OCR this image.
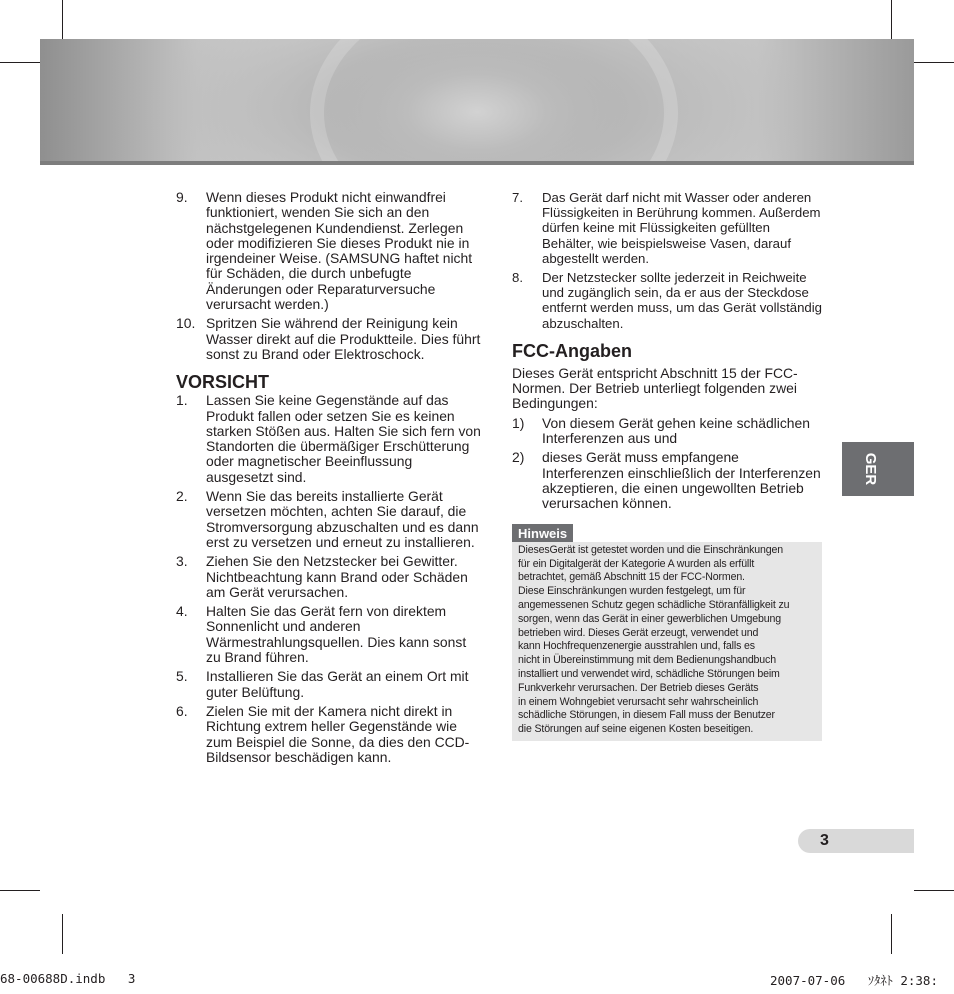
9. Wenn dieses Produkt nicht einwandfrei funktioniert, wenden Sie sich an den nächstgelegenen Kundendienst. Zerlegen oder modifizieren Sie dieses Produkt nie in irgendeiner Weise. (SAMSUNG haftet nicht für Schäden, die durch unbefugte Änderungen oder Reparaturversuche verursacht werden.)
10. Spritzen Sie während der Reinigung kein Wasser direkt auf die Produktteile. Dies führt sonst zu Brand oder Elektroschock.
VORSICHT
1. Lassen Sie keine Gegenstände auf das Produkt fallen oder setzen Sie es keinen starken Stößen aus. Halten Sie sich fern von Standorten die übermäßiger Erschütterung oder magnetischer Beeinflussung ausgesetzt sind.
2. Wenn Sie das bereits installierte Gerät versetzen möchten, achten Sie darauf, die Stromversorgung abzuschalten und es dann erst zu versetzen und erneut zu installieren.
3. Ziehen Sie den Netzstecker bei Gewitter. Nichtbeachtung kann Brand oder Schäden am Gerät verursachen.
4. Halten Sie das Gerät fern von direktem Sonnenlicht und anderen Wärmestrahlungsquellen. Dies kann sonst zu Brand führen.
5. Installieren Sie das Gerät an einem Ort mit guter Belüftung.
6. Zielen Sie mit der Kamera nicht direkt in Richtung extrem heller Gegenstände wie zum Beispiel die Sonne, da dies den CCD-Bildsensor beschädigen kann.
7. Das Gerät darf nicht mit Wasser oder anderen Flüssigkeiten in Berührung kommen. Außerdem dürfen keine mit Flüssigkeiten gefüllten Behälter, wie beispielsweise Vasen, darauf abgestellt werden.
8. Der Netzstecker sollte jederzeit in Reichweite und zugänglich sein, da er aus der Steckdose entfernt werden muss, um das Gerät vollständig abzuschalten.
FCC-Angaben

Dieses Gerät entspricht Abschnitt 15 der FCC-Normen. Der Betrieb unterliegt folgenden zwei Bedingungen:

1) Von diesem Gerät gehen keine schädlichen Interferenzen aus und
2) dieses Gerät muss empfangene Interferenzen einschließlich der Interferenzen akzeptieren, die einen ungewollten Betrieb verursachen können.
Hinweis
DiesesGerät ist getestet worden und die Einschränkungen
für ein Digitalgerät der Kategorie A wurden als erfüllt
betrachtet, gemäß Abschnitt 15 der FCC-Normen.
Diese Einschränkungen wurden festgelegt, um für
angemessenen Schutz gegen schädliche Störanfälligkeit zu
sorgen, wenn das Gerät in einer gewerblichen Umgebung
betrieben wird. Dieses Gerät erzeugt, verwendet und
kann Hochfrequenzenergie ausstrahlen und, falls es
nicht in Übereinstimmung mit dem Bedienungshandbuch
installiert und verwendet wird, schädliche Störungen beim
Funkverkehr verursachen. Der Betrieb dieses Geräts
in einem Wohngebiet verursacht sehr wahrscheinlich
schädliche Störungen, in diesem Fall muss der Benutzer
die Störungen auf seine eigenen Kosten beseitigen.
GER
3
68-00688D.indb   3	2007-07-06   ｿﾀﾈﾄ 2:38:
